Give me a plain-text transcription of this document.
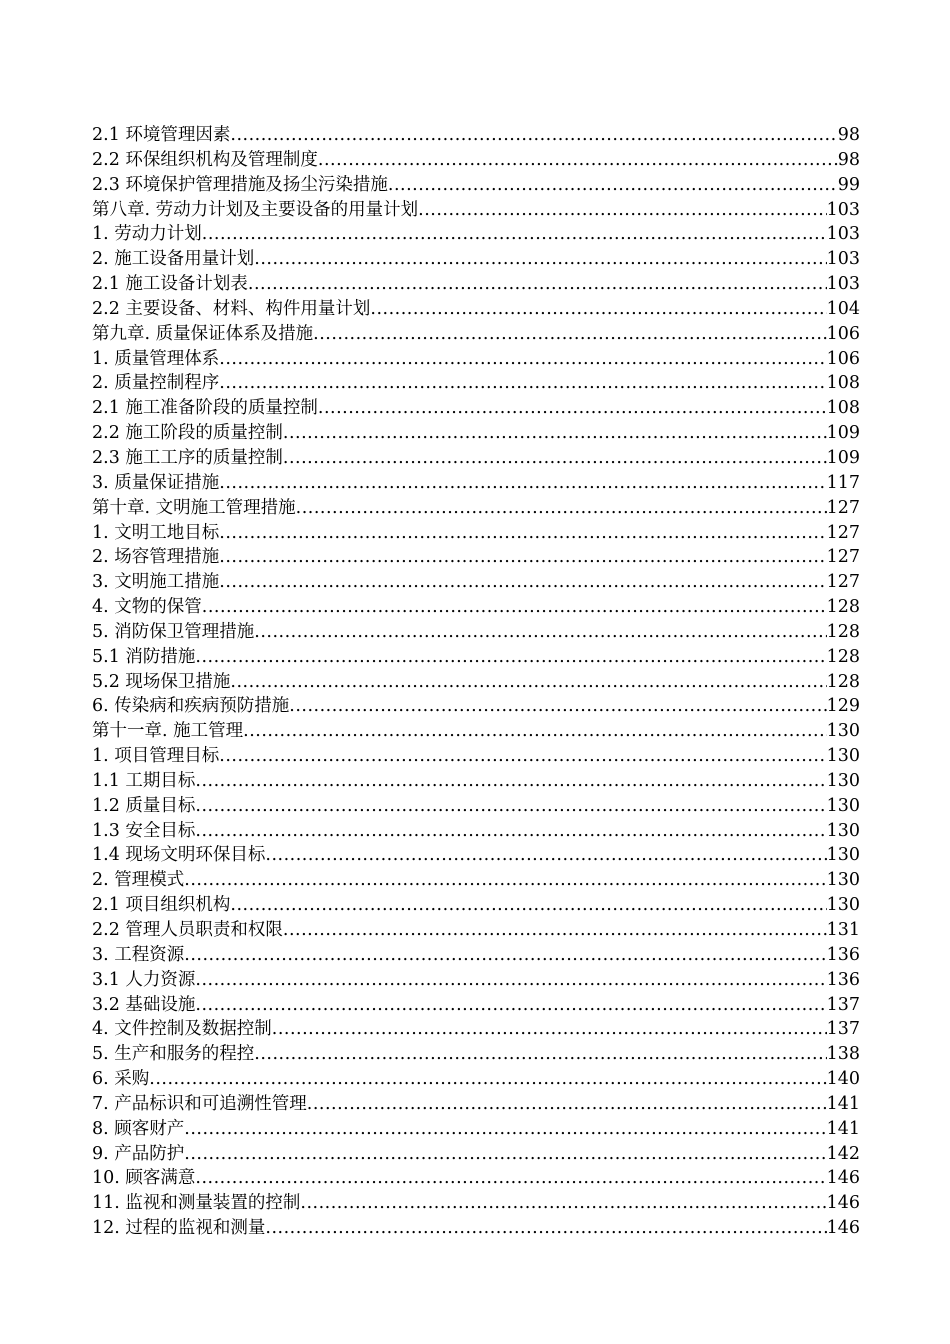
2.1 环境管理因素 .....	98
2.2 环保组织机构及管理制度 .....	98
2.3 环境保护管理措施及扬尘污染措施 .....	99
第八章. 劳动力计划及主要设备的用量计划 .....	103
1. 劳动力计划 .....	103
2. 施工设备用量计划 .....	103
2.1 施工设备计划表 .....	103
2.2 主要设备、材料、构件用量计划 .....	104
第九章. 质量保证体系及措施 .....	106
1. 质量管理体系 .....	106
2. 质量控制程序 .....	108
2.1 施工准备阶段的质量控制 .....	108
2.2 施工阶段的质量控制 .....	109
2.3 施工工序的质量控制 .....	109
3. 质量保证措施 .....	117
第十章. 文明施工管理措施 .....	127
1. 文明工地目标 .....	127
2. 场容管理措施 .....	127
3. 文明施工措施 .....	127
4. 文物的保管 .....	128
5. 消防保卫管理措施 .....	128
5.1 消防措施 .....	128
5.2 现场保卫措施 .....	128
6. 传染病和疾病预防措施 .....	129
第十一章. 施工管理 .....	130
1. 项目管理目标 .....	130
1.1 工期目标 .....	130
1.2 质量目标 .....	130
1.3 安全目标 .....	130
1.4 现场文明环保目标 .....	130
2. 管理模式 .....	130
2.1 项目组织机构 .....	130
2.2 管理人员职责和权限 .....	131
3. 工程资源 .....	136
3.1 人力资源 .....	136
3.2 基础设施 .....	137
4. 文件控制及数据控制 .....	137
5. 生产和服务的程控 .....	138
6. 采购 .....	140
7. 产品标识和可追溯性管理 .....	141
8. 顾客财产 .....	141
9. 产品防护 .....	142
10. 顾客满意 .....	146
11. 监视和测量装置的控制 .....	146
12. 过程的监视和测量 .....	146
